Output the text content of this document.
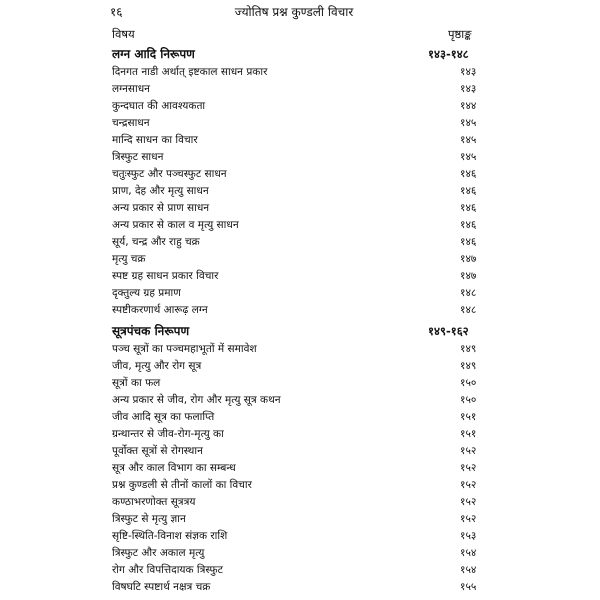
१६	ज्योतिष प्रश्न कुण्डली विचार
विषय	पृष्ठाङ्क
लग्न आदि निरूपण	१४३-१४८
दिनगत नाडी अर्थात् इष्टकाल साधन प्रकार	१४३
लग्नसाधन	१४३
कुन्दघात की आवश्यकता	१४४
चन्द्रसाधन	१४५
मान्दि साधन का विचार	१४५
त्रिस्फुट साधन	१४५
चतुःस्फुट और पञ्चस्फुट साधन	१४६
प्राण, देह और मृत्यु साधन	१४६
अन्य प्रकार से प्राण साधन	१४६
अन्य प्रकार से काल व मृत्यु साधन	१४६
सूर्य, चन्द्र और राहु चक्र	१४६
मृत्यु चक्र	१४७
स्पष्ट ग्रह साधन प्रकार विचार	१४७
दृक्तुल्य ग्रह प्रमाण	१४८
स्पष्टीकरणार्थ आरूढ़ लग्न	१४८
सूत्रपंचक निरूपण	१४९-१६२
पञ्च सूत्रों का पञ्चमहाभूतों में समावेश	१४९
जीव, मृत्यु और रोग सूत्र	१४९
सूत्रों का फल	१५०
अन्य प्रकार से जीव, रोग और मृत्यु सूत्र कथन	१५०
जीव आदि सूत्र का फलाप्ति	१५१
ग्रन्थान्तर से जीव-रोग-मृत्यु का	१५१
पूर्वोक्त सूत्रों से रोगस्थान	१५२
सूत्र और काल विभाग का सम्बन्ध	१५२
प्रश्न कुण्डली से तीनों कालों का विचार	१५२
कण्ठाभरणोक्त सूत्रत्रय	१५२
त्रिस्फुट से मृत्यु ज्ञान	१५२
सृष्टि-स्थिति-विनाश संज्ञक राशि	१५३
त्रिस्फुट और अकाल मृत्यु	१५४
रोग और विपत्तिदायक त्रिस्फुट	१५४
विषघटि स्पष्टार्थ नक्षत्र चक्र	१५५
